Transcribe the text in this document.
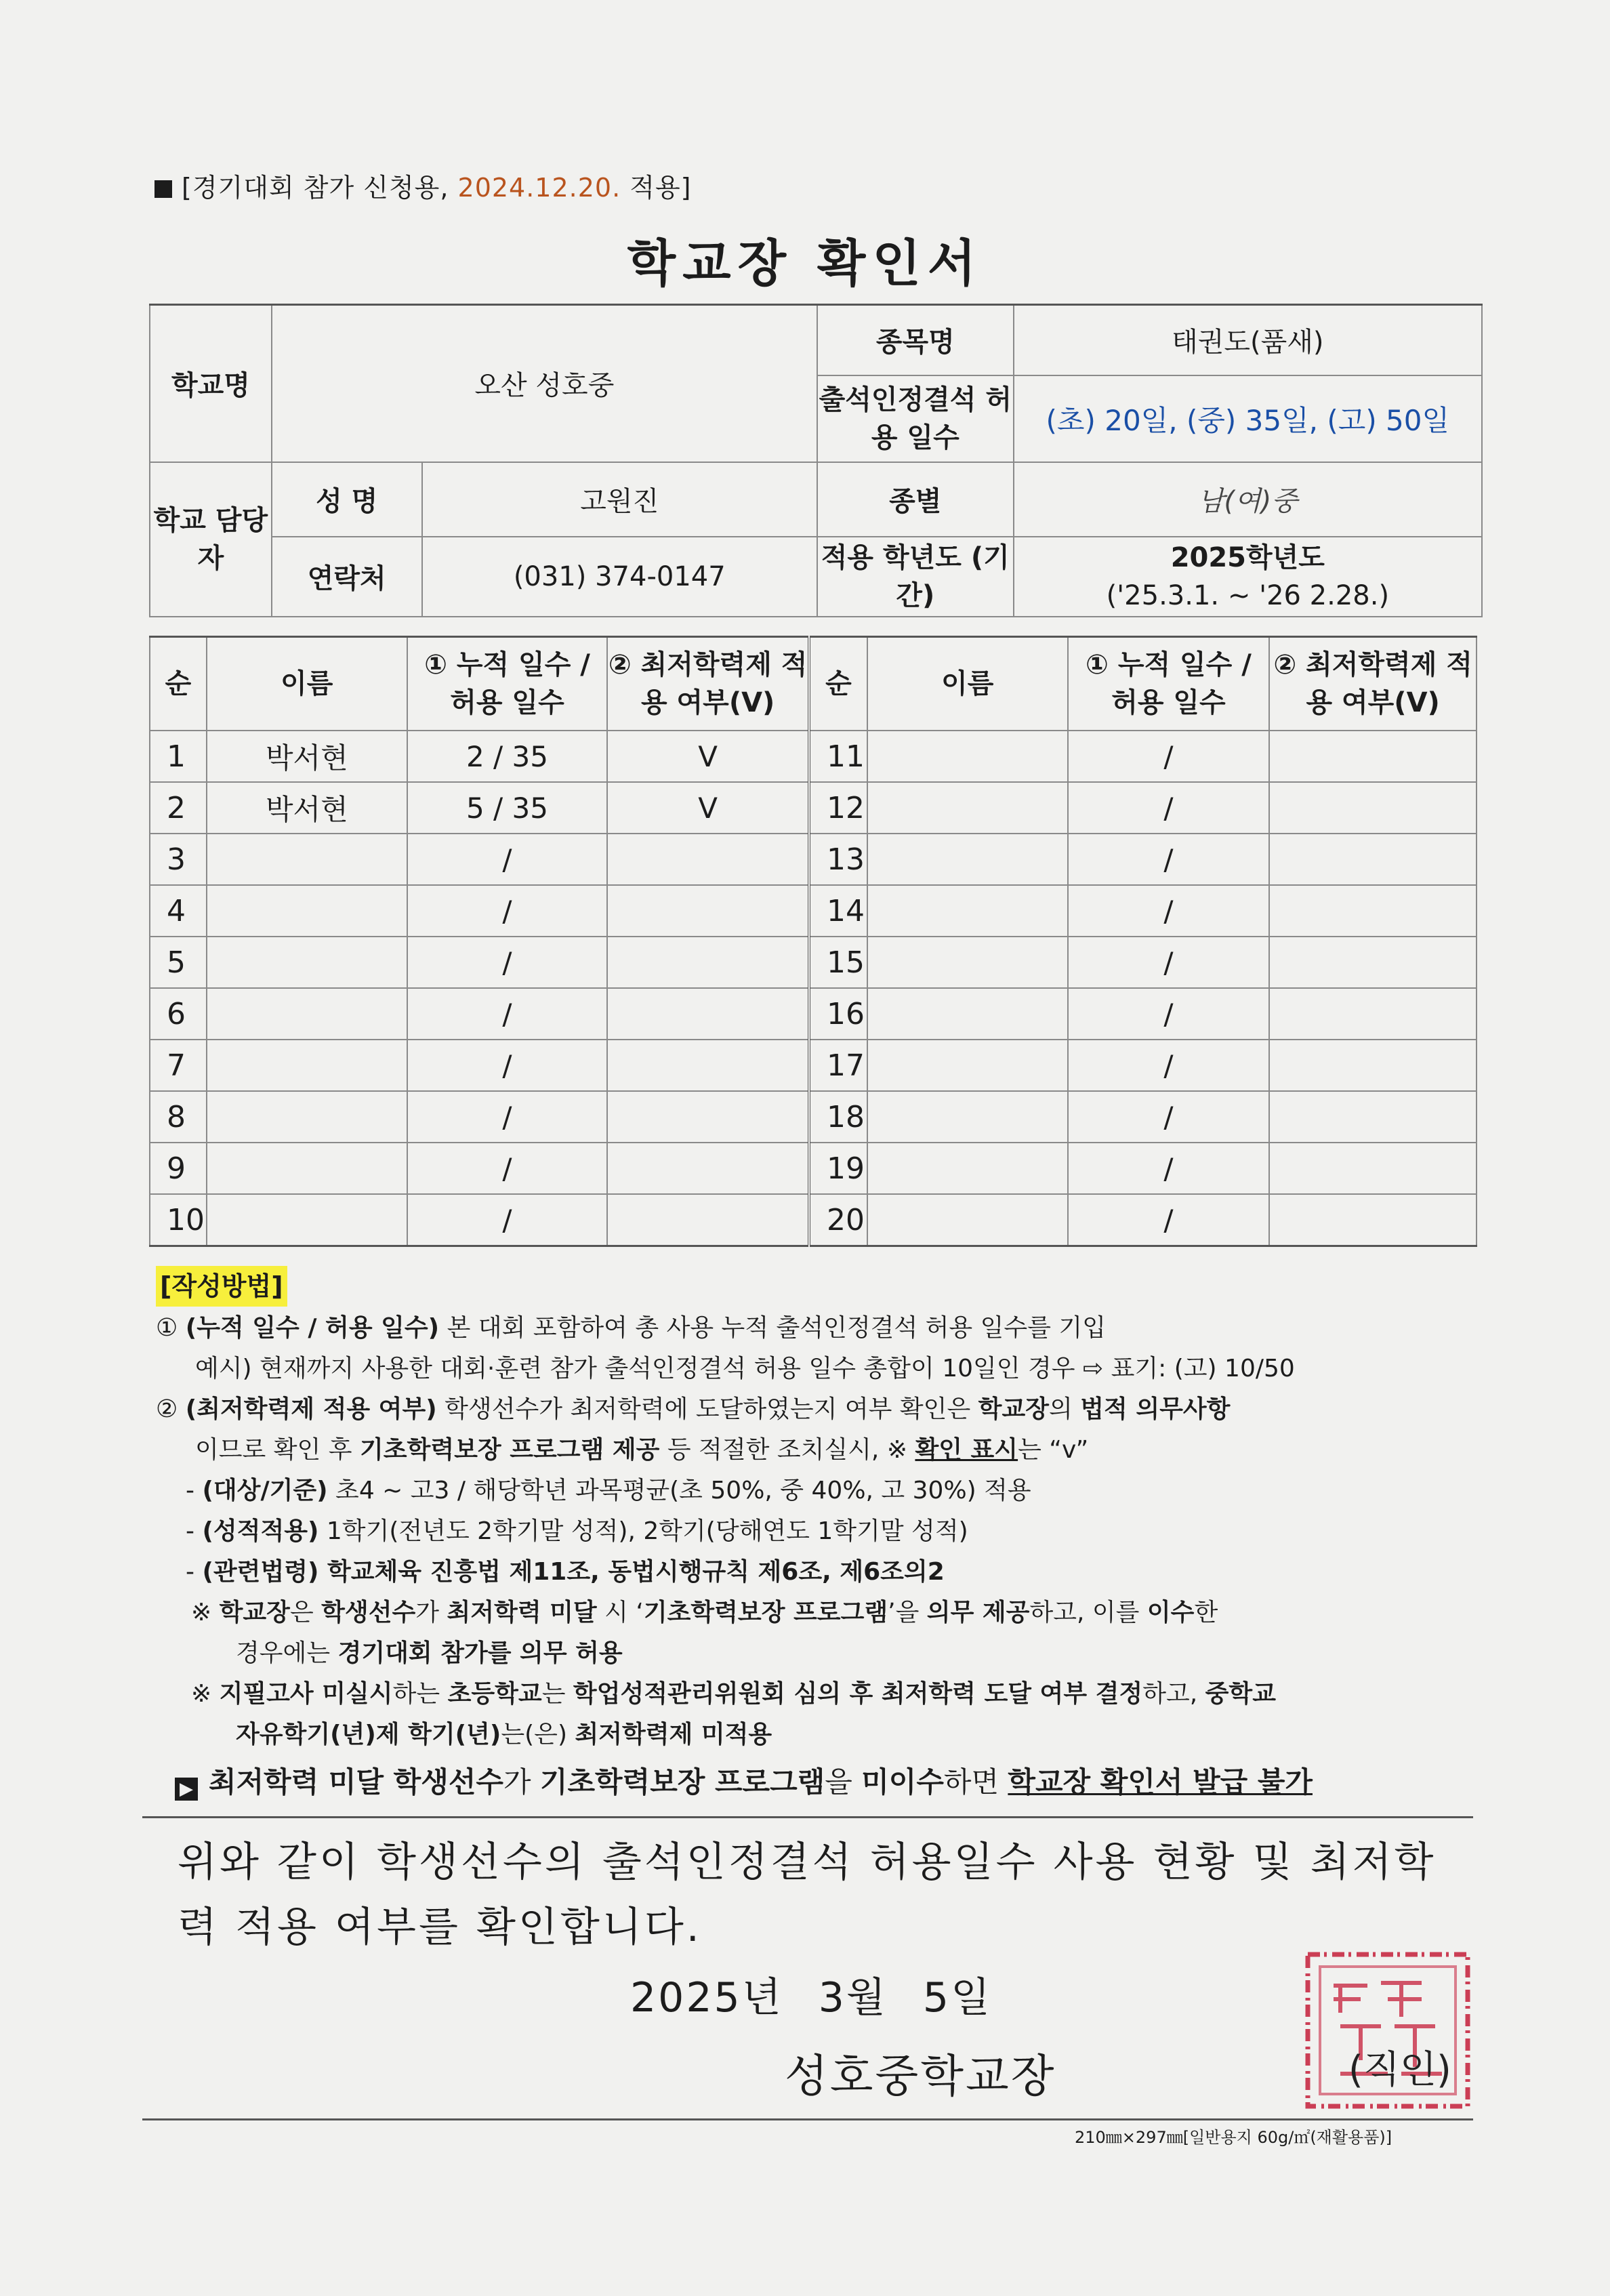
[경기대회 참가 신청용, 2024.12.20. 적용]
학교장 확인서
학교명	오산 성호중		종목명	태권도(품새)
			출석인정결석 허용 일수	(초) 20일, (중) 35일, (고) 50일
학교 담당자	성 명	고원진	종별	남(여)중
	연락처	(031) 374-0147	적용 학년도 (기간)	2025학년도
('25.3.1. ~ '26 2.28.)
순	이름	① 누적 일수 / 허용 일수	② 최저학력제 적용 여부(V)	순	이름	① 누적 일수 / 허용 일수	② 최저학력제 적용 여부(V)
1	박서현	2 / 35	V	11		/	
2	박서현	5 / 35	V	12		/	
3		/		13		/	
4		/		14		/	
5		/		15		/	
6		/		16		/	
7		/		17		/	
8		/		18		/	
9		/		19		/	
10		/		20		/	
[작성방법]
① (누적 일수 / 허용 일수) 본 대회 포함하여 총 사용 누적 출석인정결석 허용 일수를 기입
예시) 현재까지 사용한 대회·훈련 참가 출석인정결석 허용 일수 총합이 10일인 경우 ⇨ 표기: (고) 10/50
② (최저학력제 적용 여부) 학생선수가 최저학력에 도달하였는지 여부 확인은 학교장의 법적 의무사항
이므로 확인 후 기초학력보장 프로그램 제공 등 적절한 조치실시, ※ 확인 표시는 “v”
- (대상/기준) 초4 ~ 고3 / 해당학년 과목평균(초 50%, 중 40%, 고 30%) 적용
- (성적적용) 1학기(전년도 2학기말 성적), 2학기(당해연도 1학기말 성적)
- (관련법령) 학교체육 진흥법 제11조, 동법시행규칙 제6조, 제6조의2
※ 학교장은 학생선수가 최저학력 미달 시 ‘기초학력보장 프로그램’을 의무 제공하고, 이를 이수한
경우에는 경기대회 참가를 의무 허용
※ 지필고사 미실시하는 초등학교는 학업성적관리위원회 심의 후 최저학력 도달 여부 결정하고, 중학교
자유학기(년)제 학기(년)는(은) 최저학력제 미적용
▶ 최저학력 미달 학생선수가 기초학력보장 프로그램을 미이수하면 학교장 확인서 발급 불가
위와 같이 학생선수의 출석인정결석 허용일수 사용 현황 및 최저학력 적용 여부를 확인합니다.
2025년 3월 5일
성호중학교장	(직인)
210㎜×297㎜[일반용지 60g/㎡(재활용품)]
